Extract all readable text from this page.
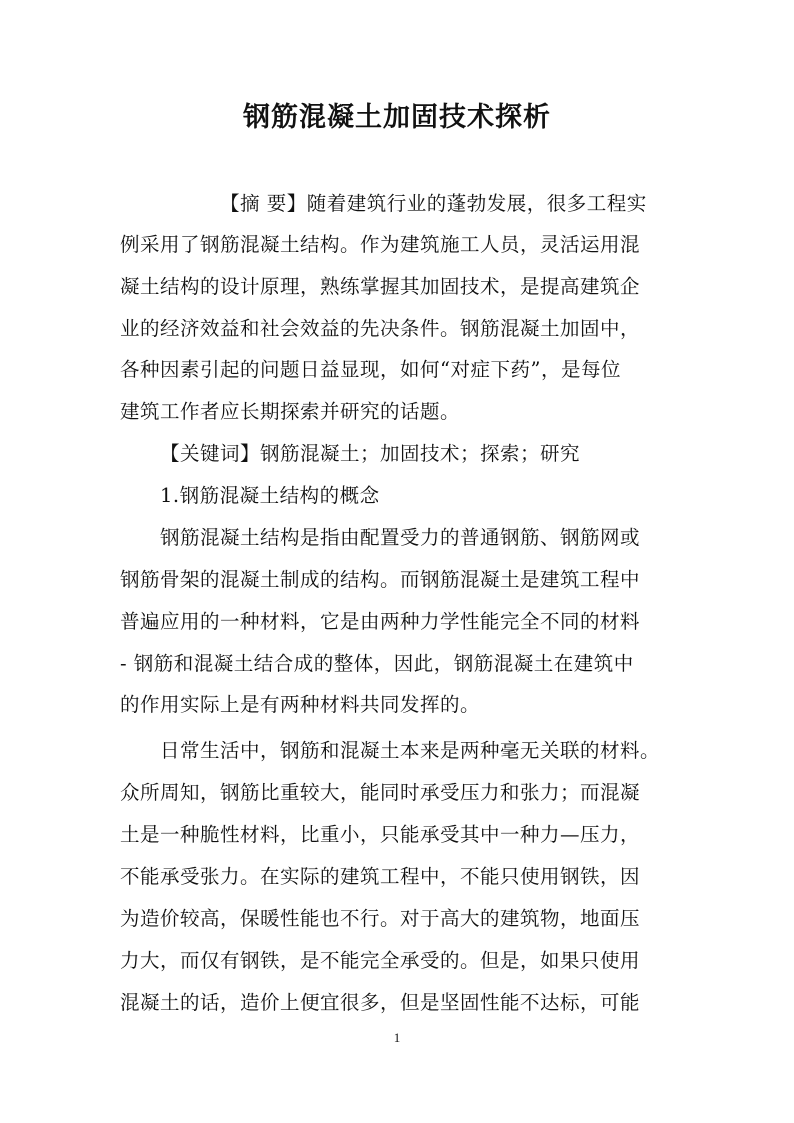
钢筋混凝土加固技术探析
【摘 要】随着建筑行业的蓬勃发展，很多工程实
例采用了钢筋混凝土结构。作为建筑施工人员，灵活运用混
凝土结构的设计原理，熟练掌握其加固技术，是提高建筑企
业的经济效益和社会效益的先决条件。钢筋混凝土加固中，
各种因素引起的问题日益显现，如何“对症下药”，是每位
建筑工作者应长期探索并研究的话题。
【关键词】钢筋混凝土；加固技术；探索；研究
1.钢筋混凝土结构的概念
钢筋混凝土结构是指由配置受力的普通钢筋、钢筋网或
钢筋骨架的混凝土制成的结构。而钢筋混凝土是建筑工程中
普遍应用的一种材料，它是由两种力学性能完全不同的材料
- 钢筋和混凝土结合成的整体，因此，钢筋混凝土在建筑中
的作用实际上是有两种材料共同发挥的。
日常生活中，钢筋和混凝土本来是两种毫无关联的材料。
众所周知，钢筋比重较大，能同时承受压力和张力；而混凝
土是一种脆性材料，比重小，只能承受其中一种力—压力，
不能承受张力。在实际的建筑工程中，不能只使用钢铁，因
为造价较高，保暖性能也不行。对于高大的建筑物，地面压
力大，而仅有钢铁，是不能完全承受的。但是，如果只使用
混凝土的话，造价上便宜很多，但是坚固性能不达标，可能
1
